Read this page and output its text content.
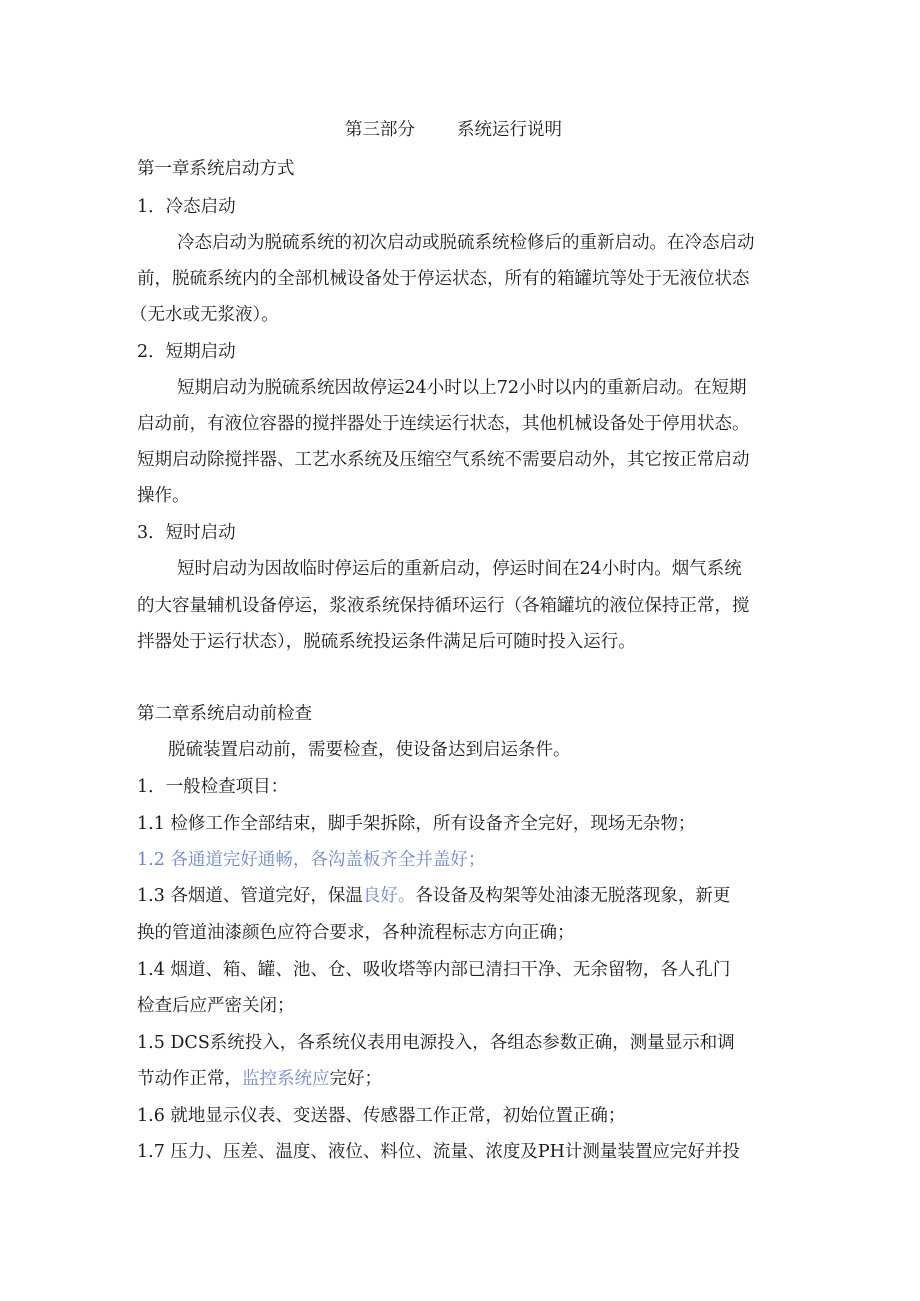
第三部分 系统运行说明
第一章系统启动方式
1．冷态启动
冷态启动为脱硫系统的初次启动或脱硫系统检修后的重新启动。在冷态启动
前，脱硫系统内的全部机械设备处于停运状态，所有的箱罐坑等处于无液位状态
（无水或无浆液）。
2．短期启动
短期启动为脱硫系统因故停运24小时以上72小时以内的重新启动。在短期
启动前，有液位容器的搅拌器处于连续运行状态，其他机械设备处于停用状态。
短期启动除搅拌器、工艺水系统及压缩空气系统不需要启动外，其它按正常启动
操作。
3．短时启动
短时启动为因故临时停运后的重新启动，停运时间在24小时内。烟气系统
的大容量辅机设备停运，浆液系统保持循环运行（各箱罐坑的液位保持正常，搅
拌器处于运行状态），脱硫系统投运条件满足后可随时投入运行。
第二章系统启动前检查
脱硫装置启动前，需要检查，使设备达到启运条件。
1．一般检查项目：
1.1 检修工作全部结束，脚手架拆除，所有设备齐全完好，现场无杂物；
1.2 各通道完好通畅，各沟盖板齐全并盖好；
1.3 各烟道、管道完好，保温良好。各设备及构架等处油漆无脱落现象，新更
换的管道油漆颜色应符合要求，各种流程标志方向正确；
1.4 烟道、箱、罐、池、仓、吸收塔等内部已清扫干净、无余留物，各人孔门
检查后应严密关闭；
1.5 DCS系统投入，各系统仪表用电源投入，各组态参数正确，测量显示和调
节动作正常，监控系统应完好；
1.6 就地显示仪表、变送器、传感器工作正常，初始位置正确；
1.7 压力、压差、温度、液位、料位、流量、浓度及PH计测量装置应完好并投
